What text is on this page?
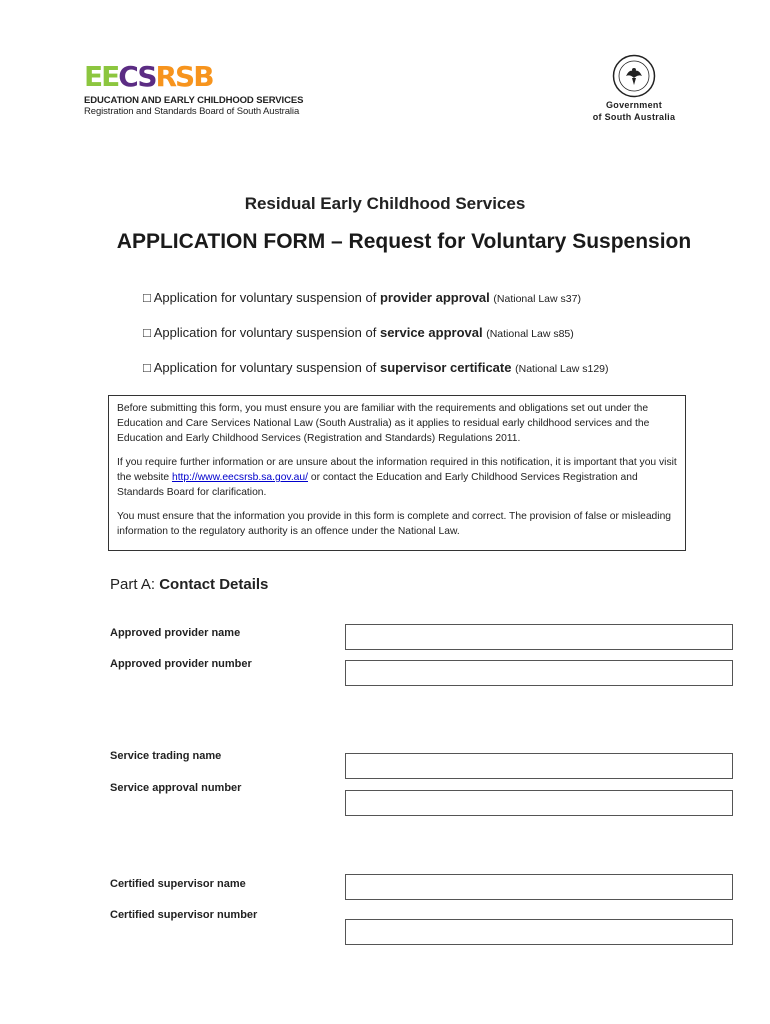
EECSRSB
EDUCATION AND EARLY CHILDHOOD SERVICES
Registration and Standards Board of South Australia
Government
of South Australia
Residual Early Childhood Services
APPLICATION FORM – Request for Voluntary Suspension
□ Application for voluntary suspension of provider approval (National Law s37)
□ Application for voluntary suspension of service approval (National Law s85)
□ Application for voluntary suspension of supervisor certificate (National Law s129)

Before submitting this form, you must ensure you are familiar with the requirements and obligations set out under the Education and Care Services National Law (South Australia) as it applies to residual early childhood services and the Education and Early Childhood Services (Registration and Standards) Regulations 2011.

If you require further information or are unsure about the information required in this notification, it is important that you visit the website http://www.eecsrsb.sa.gov.au/ or contact the Education and Early Childhood Services Registration and Standards Board for clarification.

You must ensure that the information you provide in this form is complete and correct. The provision of false or misleading information to the regulatory authority is an offence under the National Law.

Part A: Contact Details
Approved provider name
Approved provider number
Service trading name
Service approval number
Certified supervisor name
Certified supervisor number
